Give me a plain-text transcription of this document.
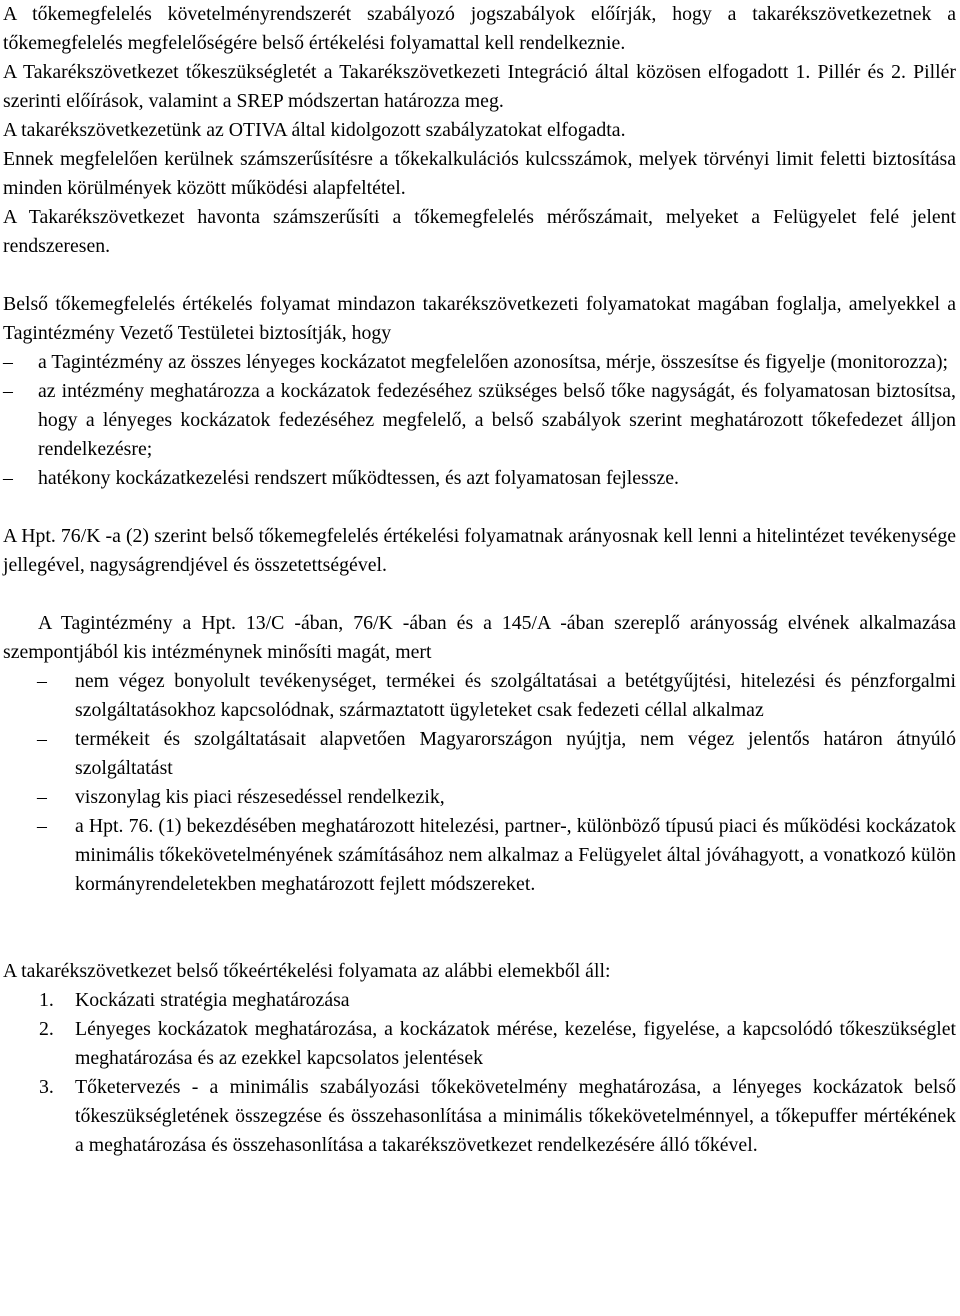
A tőkemegfelelés követelményrendszerét szabályozó jogszabályok előírják, hogy a takarékszövetkezetnek a tőkemegfelelés megfelelőségére belső értékelési folyamattal kell rendelkeznie.

A Takarékszövetkezet tőkeszükségletét a Takarékszövetkezeti Integráció által közösen elfogadott 1. Pillér és 2. Pillér szerinti előírások, valamint a SREP módszertan határozza meg.

A takarékszövetkezetünk az OTIVA által kidolgozott szabályzatokat elfogadta.

Ennek megfelelően kerülnek számszerűsítésre a tőkekalkulációs kulcsszámok, melyek törvényi limit feletti biztosítása minden körülmények között működési alapfeltétel.

A Takarékszövetkezet havonta számszerűsíti a tőkemegfelelés mérőszámait, melyeket a Felügyelet felé jelent rendszeresen.

Belső tőkemegfelelés értékelés folyamat mindazon takarékszövetkezeti folyamatokat magában foglalja, amelyekkel a Tagintézmény Vezető Testületei biztosítják, hogy

– a Tagintézmény az összes lényeges kockázatot megfelelően azonosítsa, mérje, összesítse és figyelje (monitorozza);
– az intézmény meghatározza a kockázatok fedezéséhez szükséges belső tőke nagyságát, és folyamatosan biztosítsa, hogy a lényeges kockázatok fedezéséhez megfelelő, a belső szabályok szerint meghatározott tőkefedezet álljon rendelkezésre;
– hatékony kockázatkezelési rendszert működtessen, és azt folyamatosan fejlessze.

A Hpt. 76/K -a (2) szerint belső tőkemegfelelés értékelési folyamatnak arányosnak kell lenni a hitelintézet tevékenysége jellegével, nagyságrendjével és összetettségével.

A Tagintézmény a Hpt. 13/C -ában, 76/K -ában és a 145/A -ában szereplő arányosság elvének alkalmazása szempontjából kis intézménynek minősíti magát, mert

– nem végez bonyolult tevékenységet, termékei és szolgáltatásai a betétgyűjtési, hitelezési és pénzforgalmi szolgáltatásokhoz kapcsolódnak, származtatott ügyleteket csak fedezeti céllal alkalmaz
– termékeit és szolgáltatásait alapvetően Magyarországon nyújtja, nem végez jelentős határon átnyúló szolgáltatást
– viszonylag kis piaci részesedéssel rendelkezik,
– a Hpt. 76. (1) bekezdésében meghatározott hitelezési, partner-, különböző típusú piaci és működési kockázatok minimális tőkekövetelményének számításához nem alkalmaz a Felügyelet által jóváhagyott, a vonatkozó külön kormányrendeletekben meghatározott fejlett módszereket.

A takarékszövetkezet belső tőkeértékelési folyamata az alábbi elemekből áll:

1. Kockázati stratégia meghatározása
2. Lényeges kockázatok meghatározása, a kockázatok mérése, kezelése, figyelése, a kapcsolódó tőkeszükséglet meghatározása és az ezekkel kapcsolatos jelentések
3. Tőketervezés - a minimális szabályozási tőkekövetelmény meghatározása, a lényeges kockázatok belső tőkeszükségletének összegzése és összehasonlítása a minimális tőkekövetelménnyel, a tőkepuffer mértékének a meghatározása és összehasonlítása a takarékszövetkezet rendelkezésére álló tőkével.
